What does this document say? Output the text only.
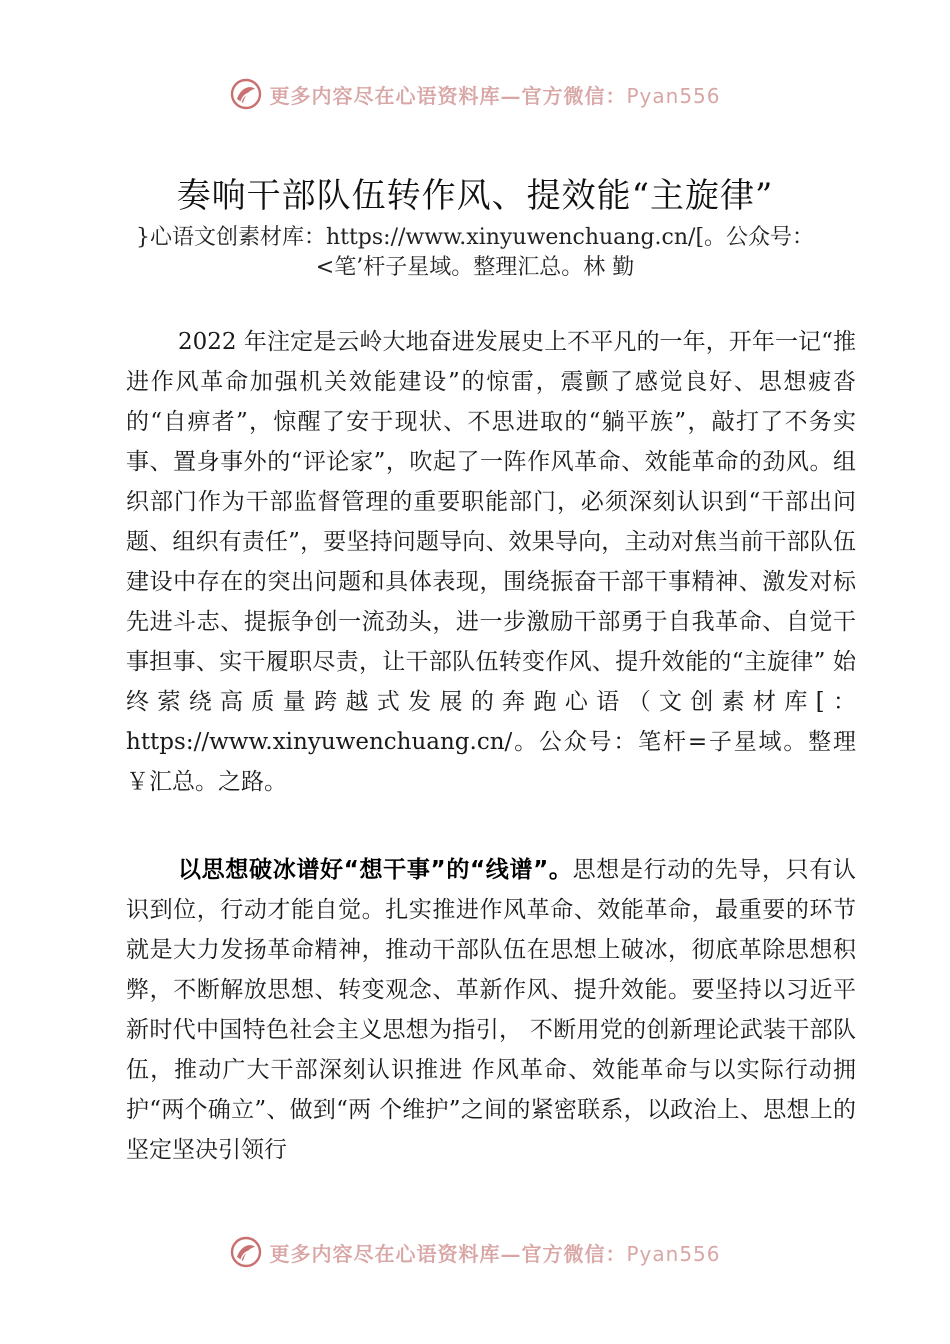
更多内容尽在心语资料库—官方微信：Pyan556
奏响干部队伍转作风、提效能“主旋律”
}心语文创素材库：https://www.xinyuwenchuang.cn/[。公众号：
<笔’杆子星域。整理汇总。林 勤
2022 年注定是云岭大地奋进发展史上不平凡的一年，开年一记“推进作风革命加强机关效能建设”的惊雷，震颤了感觉良好、思想疲沓的“自痹者”，惊醒了安于现状、不思进取的“躺平族”，敲打了不务实事、置身事外的“评论家”，吹起了一阵作风革命、效能革命的劲风。组织部门作为干部监督管理的重要职能部门，必须深刻认识到“干部出问题、组织有责任”，要坚持问题导向、效果导向，主动对焦当前干部队伍建设中存在的突出问题和具体表现，围绕振奋干部干事精神、激发对标先进斗志、提振争创一流劲头，进一步激励干部勇于自我革命、自觉干事担事、实干履职尽责，让干部队伍转变作风、提升效能的“主旋律” 始终萦绕高质量跨越式发展的奔跑心语（文创素材库[：https://www.xinyuwenchuang.cn/。公众号：笔杆=子星域。整理￥汇总。之路。
以思想破冰谱好“想干事”的“线谱”。思想是行动的先导，只有认识到位，行动才能自觉。扎实推进作风革命、效能革命，最重要的环节就是大力发扬革命精神，推动干部队伍在思想上破冰，彻底革除思想积弊，不断解放思想、转变观念、革新作风、提升效能。要坚持以习近平新时代中国特色社会主义思想为指引， 不断用党的创新理论武装干部队伍，推动广大干部深刻认识推进 作风革命、效能革命与以实际行动拥护“两个确立”、做到“两 个维护”之间的紧密联系，以政治上、思想上的坚定坚决引领行
更多内容尽在心语资料库—官方微信：Pyan556
